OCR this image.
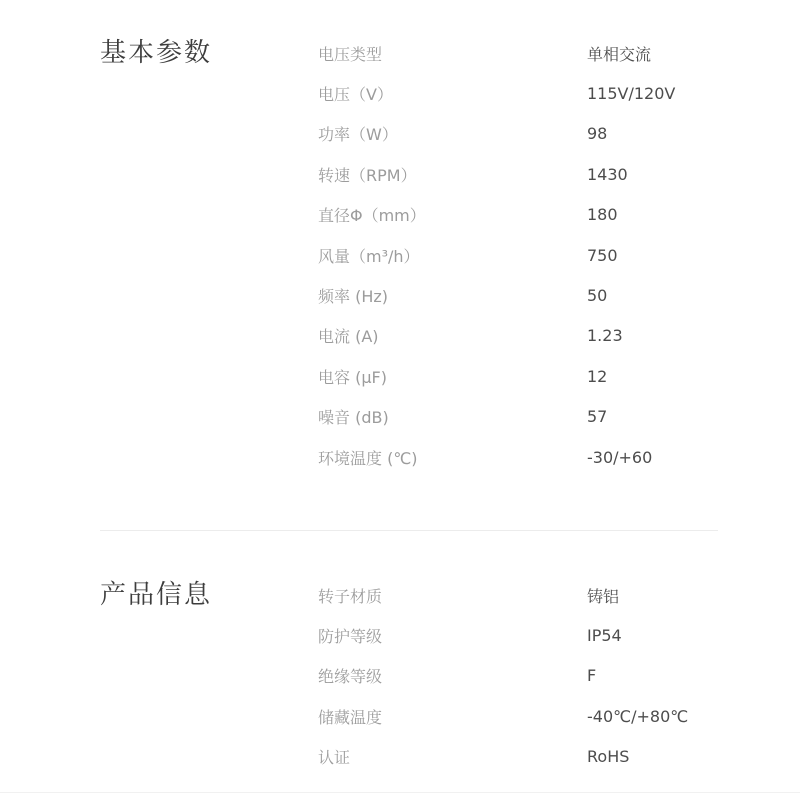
基本参数	电压类型	单相交流
电压（V）	115V/120V
功率（W）	98
转速（RPM）	1430
直径Φ（mm）	180
风量（m³/h）	750
频率 (Hz)	50
电流 (A)	1.23
电容 (μF)	12
噪音 (dB)	57
环境温度 (℃)	-30/+60
产品信息	转子材质	铸铝
防护等级	IP54
绝缘等级	F
储藏温度	-40℃/+80℃
认证	RoHS
